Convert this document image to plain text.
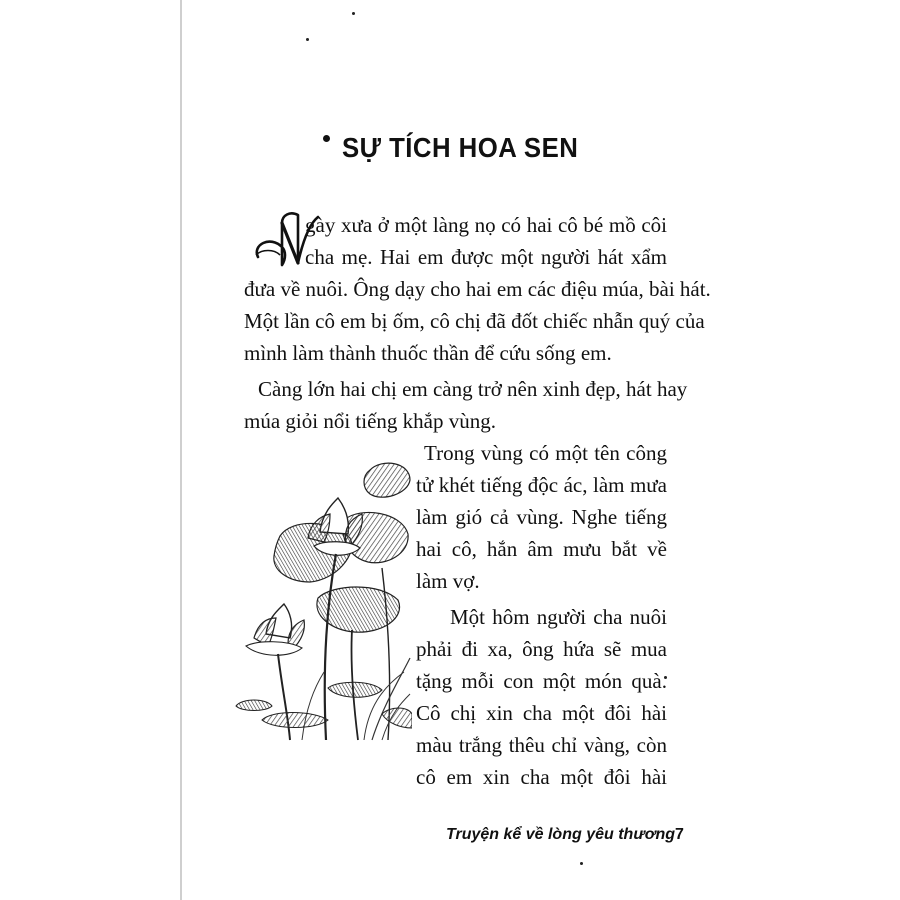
SỰ TÍCH HOA SEN
gày xưa ở một làng nọ có hai cô bé mồ côi
cha mẹ. Hai em được một người hát xẩm
đưa về nuôi. Ông dạy cho hai em các điệu múa, bài hát.
Một lần cô em bị ốm, cô chị đã đốt chiếc nhẫn quý của
mình làm thành thuốc thần để cứu sống em.
Càng lớn hai chị em càng trở nên xinh đẹp, hát hay
múa giỏi nổi tiếng khắp vùng.
Trong vùng có một tên công
tử khét tiếng độc ác, làm mưa
làm gió cả vùng. Nghe tiếng
hai cô, hắn âm mưu bắt về
làm vợ.
Một hôm người cha nuôi
phải đi xa, ông hứa sẽ mua
tặng mỗi con một món quà.
Cô chị xin cha một đôi hài
màu trắng thêu chỉ vàng, còn
cô em xin cha một đôi hài
Truyện kể về lòng yêu thương 7
